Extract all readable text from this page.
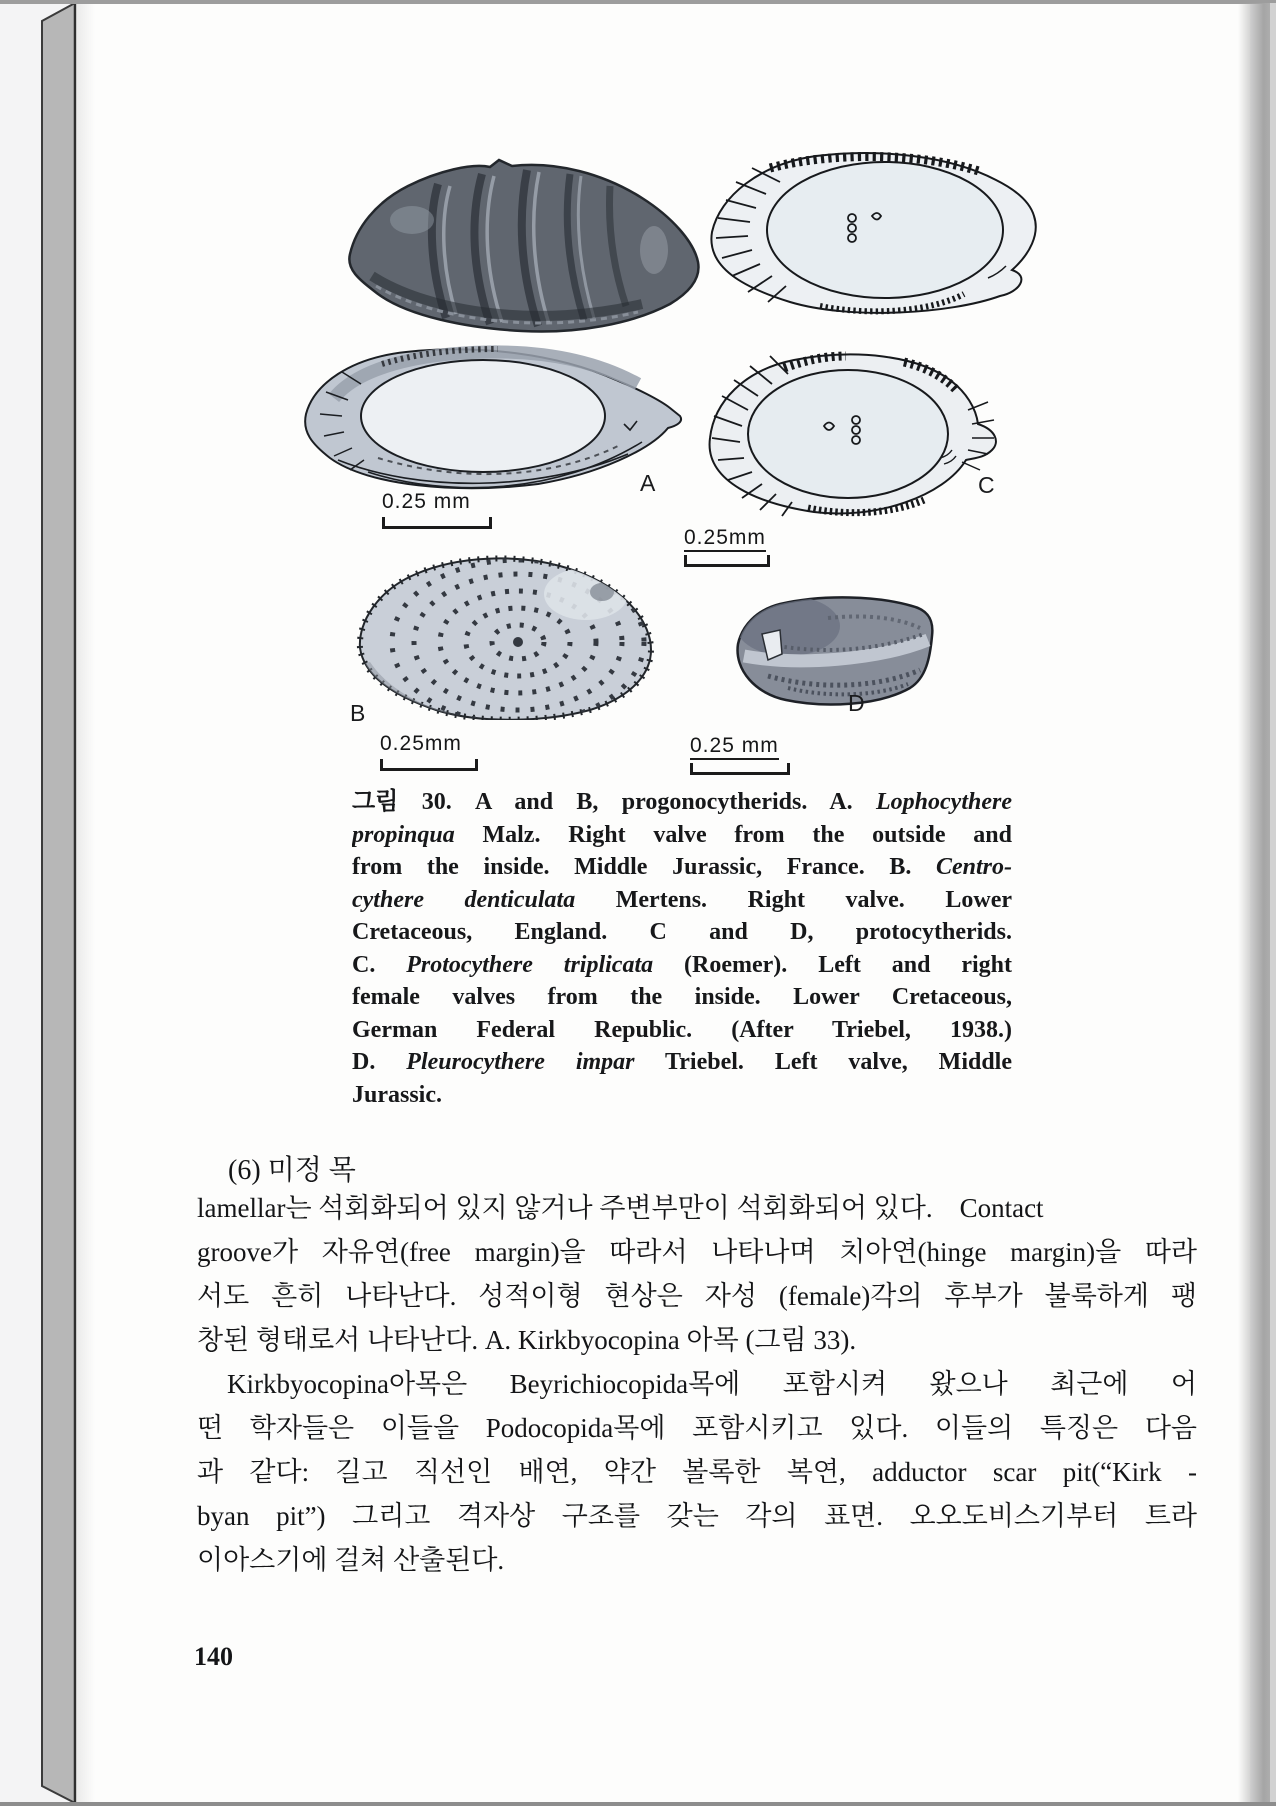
A	C
B	D
0.25 mm
0.25mm
0.25mm	0.25 mm
그림 30. A and B, progonocytherids. A. Lophocythere
propinqua Malz. Right valve from the outside and
from the inside. Middle Jurassic, France. B. Centro-
cythere denticulata Mertens. Right valve. Lower
Cretaceous, England. C and D, protocytherids.
C. Protocythere triplicata (Roemer). Left and right
female valves from the inside. Lower Cretaceous,
German Federal Republic. (After Triebel, 1938.)
D. Pleurocythere impar Triebel. Left valve, Middle
Jurassic.
(6) 미정 목
lamellar는 석회화되어 있지 않거나 주변부만이 석회화되어 있다.  Contact
groove가 자유연(free margin)을 따라서 나타나며 치아연(hinge margin)을 따라
서도 흔히 나타난다. 성적이형 현상은 자성 (female)각의 후부가 불룩하게 팽
창된 형태로서 나타난다. A. Kirkbyocopina 아목 (그림 33).
Kirkbyocopina아목은 Beyrichiocopida목에 포함시켜 왔으나 최근에 어
떤 학자들은 이들을 Podocopida목에 포함시키고 있다. 이들의 특징은 다음
과 같다: 길고 직선인 배연, 약간 볼록한 복연, adductor scar pit(“Kirk -
byan pit”) 그리고 격자상 구조를 갖는 각의 표면. 오오도비스기부터 트라
이아스기에 걸쳐 산출된다.
140
